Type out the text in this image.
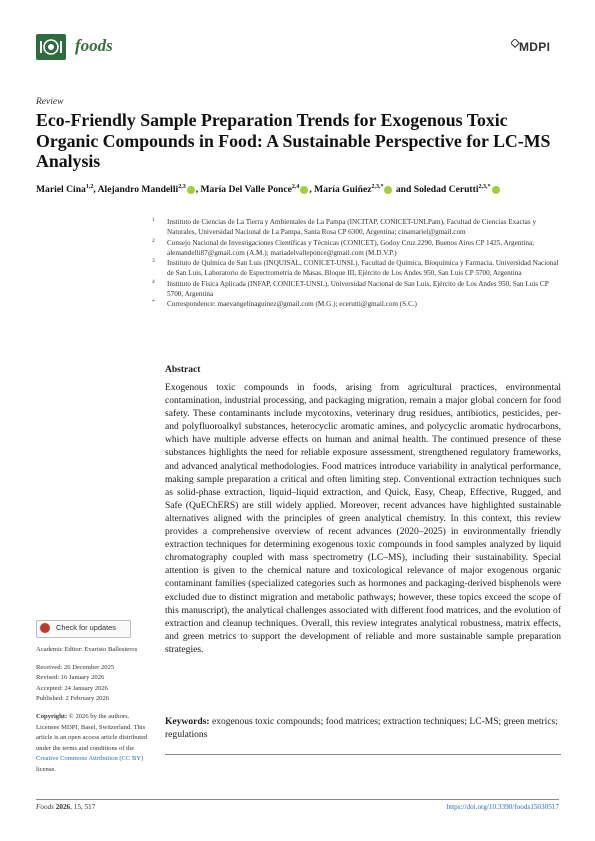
foods	MDPI
Review
Eco-Friendly Sample Preparation Trends for Exogenous Toxic Organic Compounds in Food: A Sustainable Perspective for LC-MS Analysis
Mariel Cina$^{1,2}$, Alejandro Mandelli$^{2,3}$ , María Del Valle Ponce$^{2,4}$ , María Guiñez$^{2,3,*}$ and Soledad Cerutti$^{2,3,*}$
1 Instituto de Ciencias de La Tierra y Ambientales de La Pampa (INCITAP, CONICET-UNLPam), Facultad de Ciencias Exactas y Naturales, Universidad Nacional de La Pampa, Santa Rosa CP 6300, Argentina; cinamariel@gmail.com
2 Consejo Nacional de Investigaciones Científicas y Técnicas (CONICET), Godoy Cruz 2290, Buenos Aires CP 1425, Argentina; alemandelli87@gmail.com (A.M.); mariadelvalleponce@gmail.com (M.D.V.P.)
3 Instituto de Química de San Luis (INQUISAL, CONICET-UNSL), Facultad de Química, Bioquímica y Farmacia, Universidad Nacional de San Luis, Laboratorio de Espectrometría de Masas, Bloque III, Ejército de Los Andes 950, San Luis CP 5700, Argentina
4 Instituto de Física Aplicada (INFAP, CONICET-UNSL), Universidad Nacional de San Luis, Ejército de Los Andes 950, San Luis CP 5700, Argentina
* Correspondence: maevangelinaguinez@gmail.com (M.G.); ecerutti@gmail.com (S.C.)
Abstract
Exogenous toxic compounds in foods, arising from agricultural practices, environmental contamination, industrial processing, and packaging migration, remain a major global concern for food safety. These contaminants include mycotoxins, veterinary drug residues, antibiotics, pesticides, per- and polyfluoroalkyl substances, heterocyclic aromatic amines, and polycyclic aromatic hydrocarbons, which have multiple adverse effects on human and animal health. The continued presence of these substances highlights the need for reliable exposure assessment, strengthened regulatory frameworks, and advanced analytical methodologies. Food matrices introduce variability in analytical performance, making sample preparation a critical and often limiting step. Conventional extraction techniques such as solid-phase extraction, liquid–liquid extraction, and Quick, Easy, Cheap, Effective, Rugged, and Safe (QuEChERS) are still widely applied. Moreover, recent advances have highlighted sustainable alternatives aligned with the principles of green analytical chemistry. In this context, this review provides a comprehensive overview of recent advances (2020–2025) in environmentally friendly extraction techniques for determining exogenous toxic compounds in food samples analyzed by liquid chromatography coupled with mass spectrometry (LC–MS), including their sustainability. Special attention is given to the chemical nature and toxicological relevance of major exogenous organic contaminant families (specialized categories such as hormones and packaging-derived bisphenols were excluded due to distinct migration and metabolic pathways; however, these topics exceed the scope of this manuscript), the analytical challenges associated with different food matrices, and the evolution of extraction and cleanup techniques. Overall, this review integrates analytical robustness, matrix effects, and green metrics to support the development of reliable and more sustainable sample preparation strategies.
Keywords: exogenous toxic compounds; food matrices; extraction techniques; LC-MS; green metrics; regulations
Check for updates
Academic Editor: Evaristo Ballesteros
Received: 26 December 2025
Revised: 16 January 2026
Accepted: 24 January 2026
Published: 2 February 2026
Copyright: © 2026 by the authors. Licensee MDPI, Basel, Switzerland. This article is an open access article distributed under the terms and conditions of the Creative Commons Attribution (CC BY) license.
Foods 2026, 15, 517	https://doi.org/10.3390/foods15030517
